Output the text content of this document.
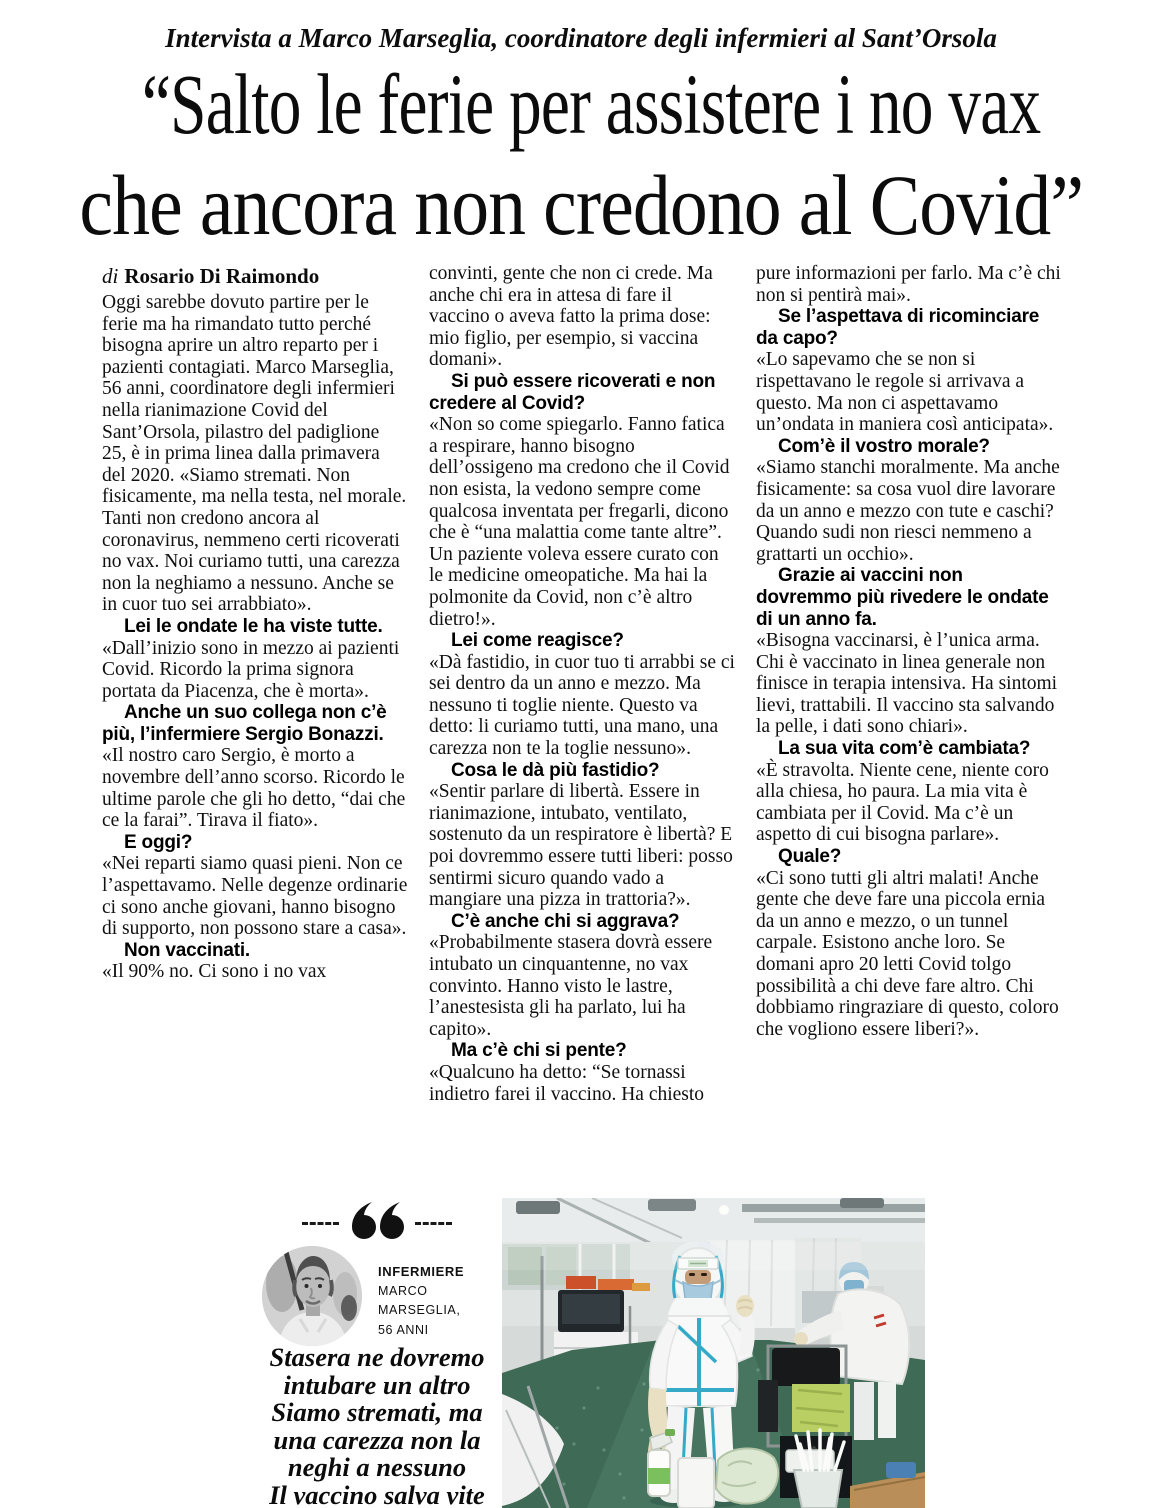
Intervista a Marco Marseglia, coordinatore degli infermieri al Sant’Orsola
“Salto le ferie per assistere i no vax
che ancora non credono al Covid”
di Rosario Di Raimondo

Oggi sarebbe dovuto partire per le ferie ma ha rimandato tutto perché bisogna aprire un altro reparto per i pazienti contagiati. Marco Marseglia, 56 anni, coordinatore degli infermieri nella rianimazione Covid del Sant’Orsola, pilastro del padiglione 25, è in prima linea dalla primavera del 2020. «Siamo stremati. Non fisicamente, ma nella testa, nel morale. Tanti non credono ancora al coronavirus, nemmeno certi ricoverati no vax. Noi curiamo tutti, una carezza non la neghiamo a nessuno. Anche se in cuor tuo sei arrabbiato».

Lei le ondate le ha viste tutte.

«Dall’inizio sono in mezzo ai pazienti Covid. Ricordo la prima signora portata da Piacenza, che è morta».

Anche un suo collega non c’è più, l’infermiere Sergio Bonazzi.

«Il nostro caro Sergio, è morto a novembre dell’anno scorso. Ricordo le ultime parole che gli ho detto, “dai che ce la farai”. Tirava il fiato».

E oggi?

«Nei reparti siamo quasi pieni. Non ce l’aspettavamo. Nelle degenze ordinarie ci sono anche giovani, hanno bisogno di supporto, non possono stare a casa».

Non vaccinati.

«Il 90% no. Ci sono i no vax

convinti, gente che non ci crede. Ma anche chi era in attesa di fare il vaccino o aveva fatto la prima dose: mio figlio, per esempio, si vaccina domani».

Si può essere ricoverati e non credere al Covid?

«Non so come spiegarlo. Fanno fatica a respirare, hanno bisogno dell’ossigeno ma credono che il Covid non esista, la vedono sempre come qualcosa inventata per fregarli, dicono che è “una malattia come tante altre”. Un paziente voleva essere curato con le medicine omeopatiche. Ma hai la polmonite da Covid, non c’è altro dietro!».

Lei come reagisce?

«Dà fastidio, in cuor tuo ti arrabbi se ci sei dentro da un anno e mezzo. Ma nessuno ti toglie niente. Questo va detto: li curiamo tutti, una mano, una carezza non te la toglie nessuno».

Cosa le dà più fastidio?

«Sentir parlare di libertà. Essere in rianimazione, intubato, ventilato, sostenuto da un respiratore è libertà? E poi dovremmo essere tutti liberi: posso sentirmi sicuro quando vado a mangiare una pizza in trattoria?».

C’è anche chi si aggrava?

«Probabilmente stasera dovrà essere intubato un cinquantenne, no vax convinto. Hanno visto le lastre, l’anestesista gli ha parlato, lui ha capito».

Ma c’è chi si pente?

«Qualcuno ha detto: “Se tornassi indietro farei il vaccino. Ha chiesto

pure informazioni per farlo. Ma c’è chi non si pentirà mai».

Se l’aspettava di ricominciare da capo?

«Lo sapevamo che se non si rispettavano le regole si arrivava a questo. Ma non ci aspettavamo un’ondata in maniera così anticipata».

Com’è il vostro morale?

«Siamo stanchi moralmente. Ma anche fisicamente: sa cosa vuol dire lavorare da un anno e mezzo con tute e caschi? Quando sudi non riesci nemmeno a grattarti un occhio».

Grazie ai vaccini non dovremmo più rivedere le ondate di un anno fa.

«Bisogna vaccinarsi, è l’unica arma. Chi è vaccinato in linea generale non finisce in terapia intensiva. Ha sintomi lievi, trattabili. Il vaccino sta salvando la pelle, i dati sono chiari».

La sua vita com’è cambiata?

«È stravolta. Niente cene, niente coro alla chiesa, ho paura. La mia vita è cambiata per il Covid. Ma c’è un aspetto di cui bisogna parlare».

Quale?

«Ci sono tutti gli altri malati! Anche gente che deve fare una piccola ernia da un anno e mezzo, o un tunnel carpale. Esistono anche loro. Se domani apro 20 letti Covid tolgo possibilità a chi deve fare altro. Chi dobbiamo ringraziare di questo, coloro che vogliono essere liberi?».

INFERMIERE
MARCO
MARSEGLIA,
56 ANNI
Stasera ne dovremo
intubare un altro
Siamo stremati, ma
una carezza non la
neghi a nessuno
Il vaccino salva vite
